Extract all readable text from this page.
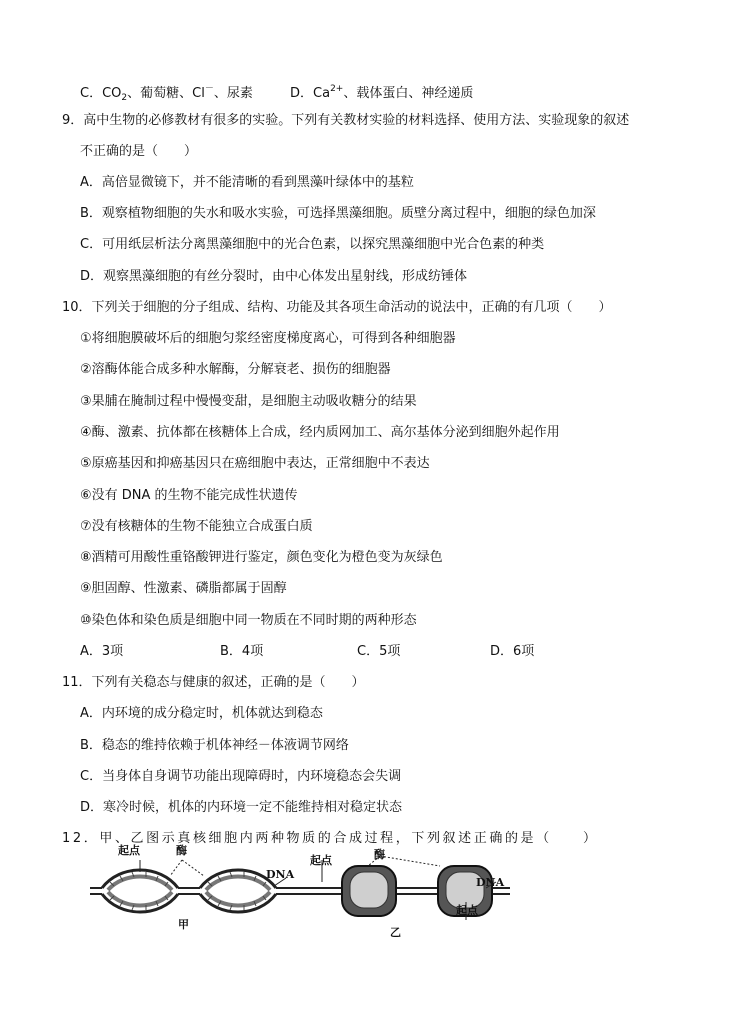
C．$CO_2$、葡萄糖、Cl－、尿素	D．$Ca^{2+}$、载体蛋白、神经递质
9．高中生物的必修教材有很多的实验。下列有关教材实验的材料选择、使用方法、实验现象的叙述
不正确的是（　　）
A．高倍显微镜下，并不能清晰的看到黑藻叶绿体中的基粒
B．观察植物细胞的失水和吸水实验，可选择黑藻细胞。质壁分离过程中，细胞的绿色加深
C．可用纸层析法分离黑藻细胞中的光合色素，以探究黑藻细胞中光合色素的种类
D．观察黑藻细胞的有丝分裂时，由中心体发出星射线，形成纺锤体
10．下列关于细胞的分子组成、结构、功能及其各项生命活动的说法中，正确的有几项（　　）
①将细胞膜破坏后的细胞匀浆经密度梯度离心，可得到各种细胞器
②溶酶体能合成多种水解酶，分解衰老、损伤的细胞器
③果脯在腌制过程中慢慢变甜，是细胞主动吸收糖分的结果
④酶、激素、抗体都在核糖体上合成，经内质网加工、高尔基体分泌到细胞外起作用
⑤原癌基因和抑癌基因只在癌细胞中表达，正常细胞中不表达
⑥没有 DNA 的生物不能完成性状遗传
⑦没有核糖体的生物不能独立合成蛋白质
⑧酒精可用酸性重铬酸钾进行鉴定，颜色变化为橙色变为灰绿色
⑨胆固醇、性激素、磷脂都属于固醇
⑩染色体和染色质是细胞中同一物质在不同时期的两种形态
A．3项	B．4项	C．5项	D．6项
11．下列有关稳态与健康的叙述，正确的是（　　）
A．内环境的成分稳定时，机体就达到稳态
B．稳态的维持依赖于机体神经－体液调节网络
C．当身体自身调节功能出现障碍时，内环境稳态会失调
D．寒冷时候，机体的内环境一定不能维持相对稳定状态
12．甲、乙图示真核细胞内两种物质的合成过程，下列叙述正确的是（　　）
起点	酶
DNA
甲
起点	酶
DNA
起点
乙
